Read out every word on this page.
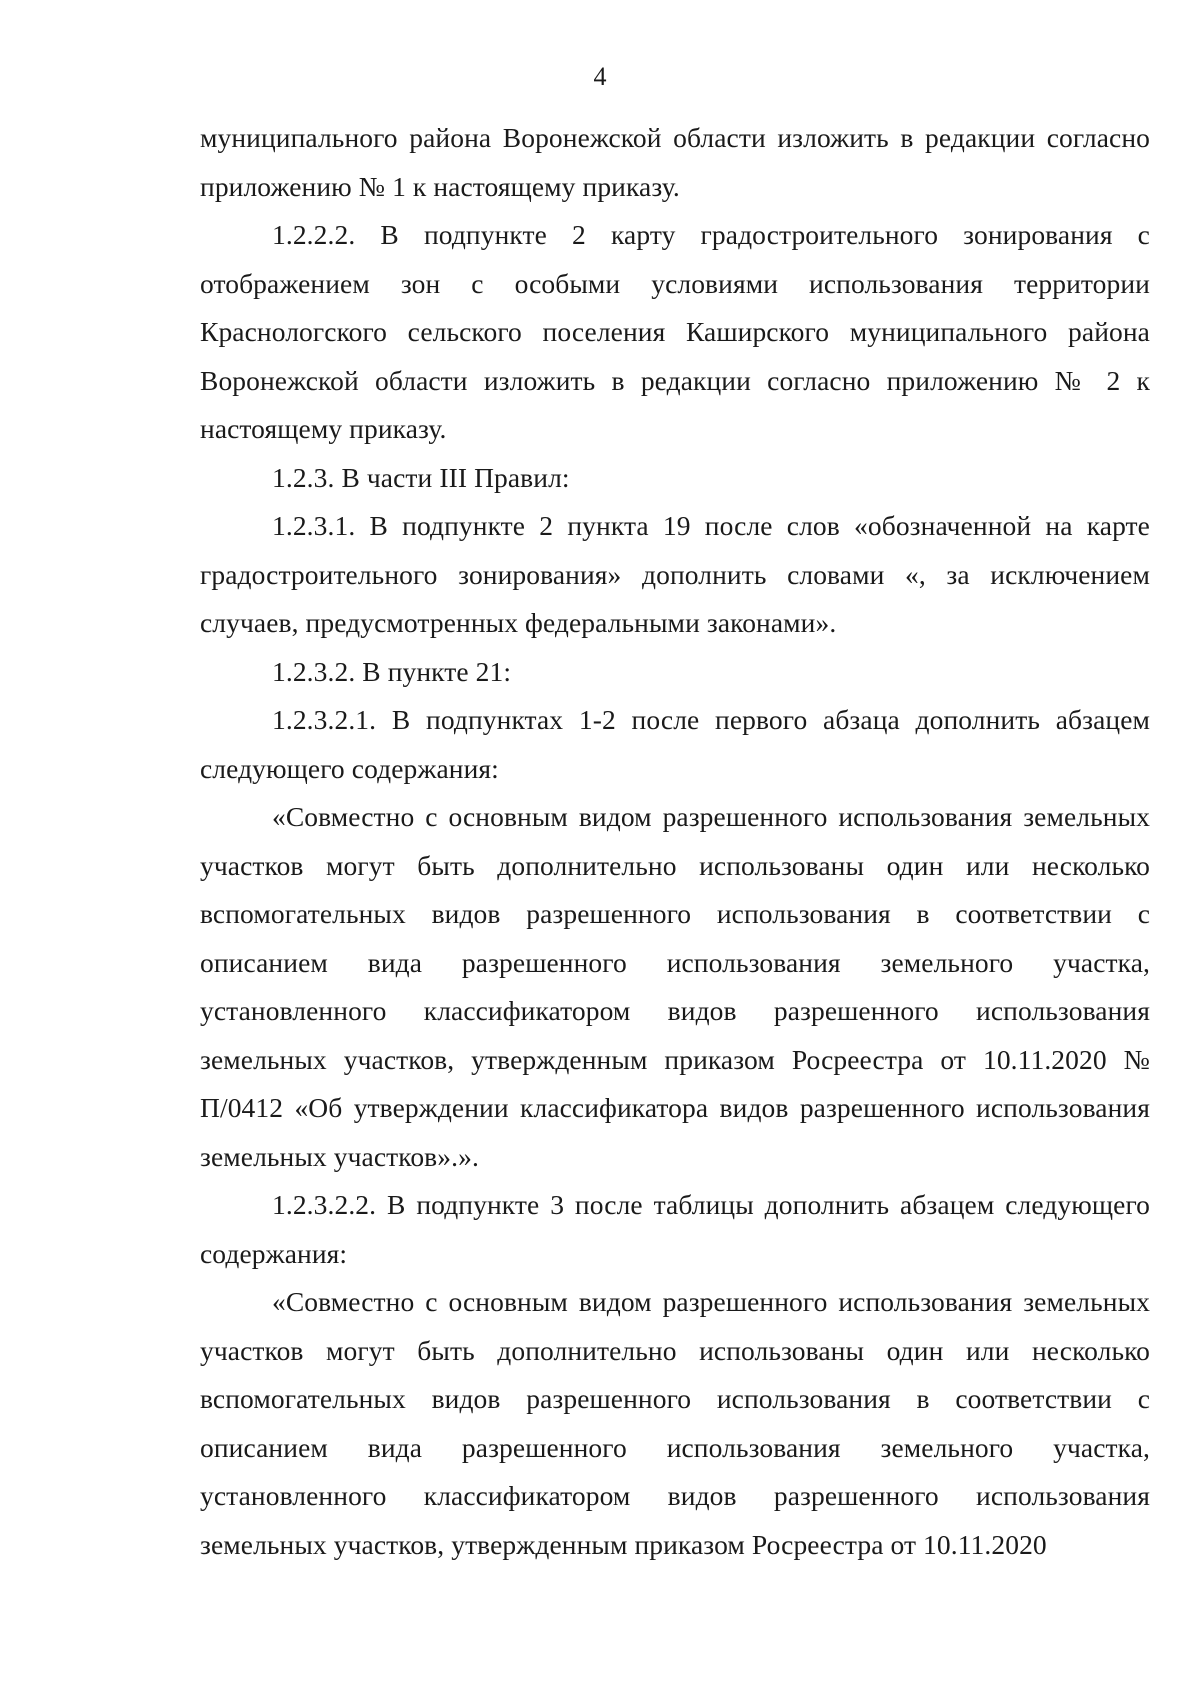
4

муниципального района Воронежской области изложить в редакции согласно приложению № 1 к настоящему приказу.

1.2.2.2. В подпункте 2 карту градостроительного зонирования с отображением зон с особыми условиями использования территории Краснологского сельского поселения Каширского муниципального района Воронежской области изложить в редакции согласно приложению № 2 к настоящему приказу.

1.2.3. В части III Правил:

1.2.3.1. В подпункте 2 пункта 19 после слов «обозначенной на карте градостроительного зонирования» дополнить словами «, за исключением случаев, предусмотренных федеральными законами».

1.2.3.2. В пункте 21:

1.2.3.2.1. В подпунктах 1-2 после первого абзаца дополнить абзацем следующего содержания:

«Совместно с основным видом разрешенного использования земельных участков могут быть дополнительно использованы один или несколько вспомогательных видов разрешенного использования в соответствии с описанием вида разрешенного использования земельного участка, установленного классификатором видов разрешенного использования земельных участков, утвержденным приказом Росреестра от 10.11.2020 № П/0412 «Об утверждении классификатора видов разрешенного использования земельных участков».».

1.2.3.2.2. В подпункте 3 после таблицы дополнить абзацем следующего содержания:

«Совместно с основным видом разрешенного использования земельных участков могут быть дополнительно использованы один или несколько вспомогательных видов разрешенного использования в соответствии с описанием вида разрешенного использования земельного участка, установленного классификатором видов разрешенного использования земельных участков, утвержденным приказом Росреестра от 10.11.2020
